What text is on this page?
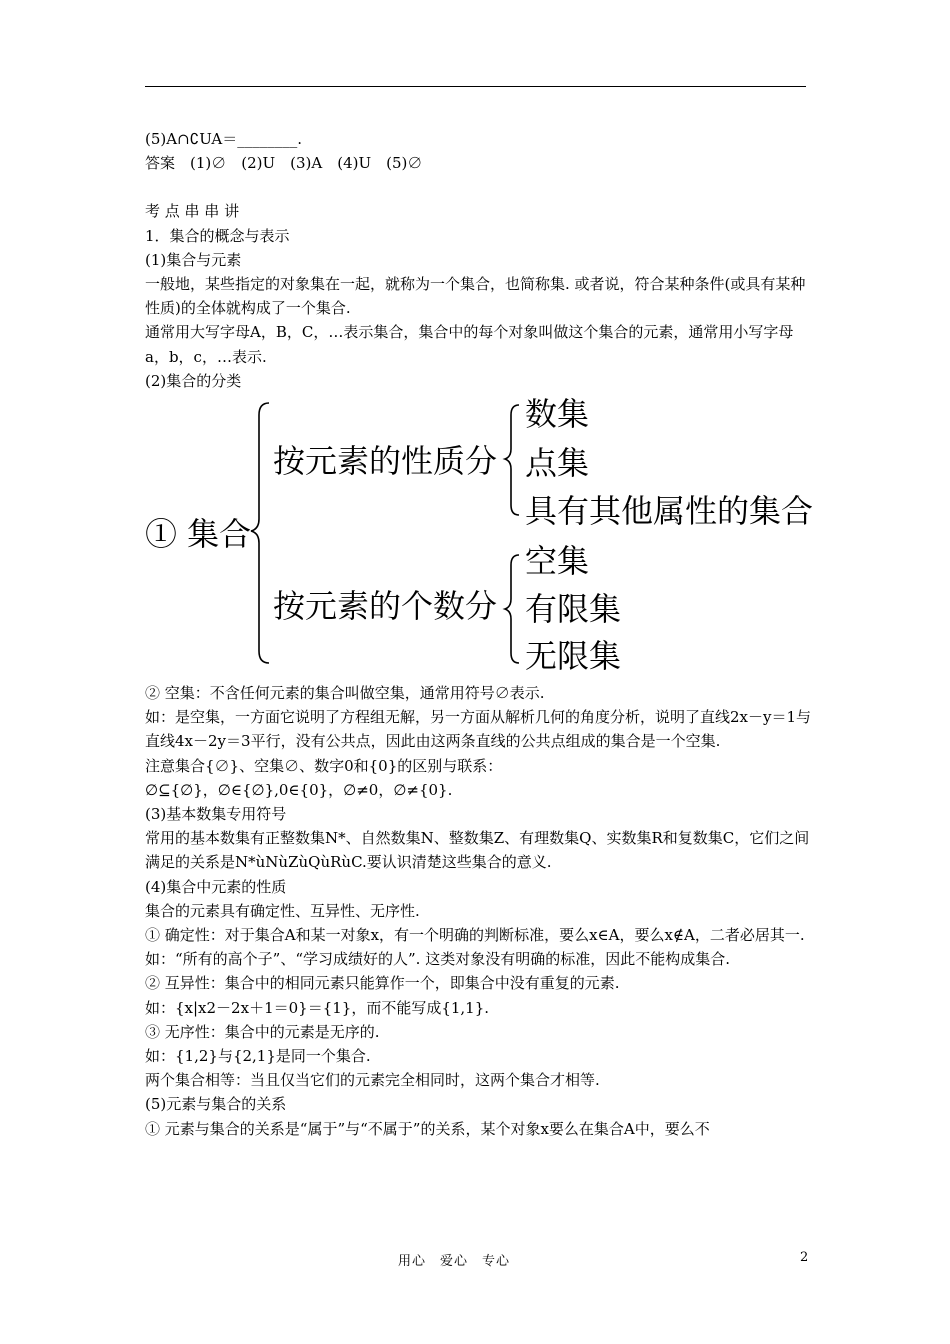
(5)A∩∁UA＝________.

答案　(1)∅　(2)U　(3)A　(4)U　(5)∅

考 点 串 串 讲

1．集合的概念与表示

(1)集合与元素

一般地，某些指定的对象集在一起，就称为一个集合，也简称集. 或者说，符合某种条件(或具有某种性质)的全体就构成了一个集合.

通常用大写字母A，B，C，…表示集合，集合中的每个对象叫做这个集合的元素，通常用小写字母a，b，c，…表示.

(2)集合的分类

① 集合
按元素的性质分
数集
点集
具有其他属性的集合
按元素的个数分
空集
有限集
无限集

② 空集：不含任何元素的集合叫做空集，通常用符号∅表示.

如：是空集，一方面它说明了方程组无解，另一方面从解析几何的角度分析，说明了直线2x－y＝1与直线4x－2y＝3平行，没有公共点，因此由这两条直线的公共点组成的集合是一个空集.

注意集合{∅}、空集∅、数字0和{0}的区别与联系：

∅⊆{∅}，∅∈{∅},0∈{0}，∅≠0，∅≠{0}.

(3)基本数集专用符号

常用的基本数集有正整数集N*、自然数集N、整数集Z、有理数集Q、实数集R和复数集C，它们之间满足的关系是N*ùNùZùQùRùC.要认识清楚这些集合的意义.

(4)集合中元素的性质

集合的元素具有确定性、互异性、无序性.

① 确定性：对于集合A和某一对象x，有一个明确的判断标准，要么x∈A，要么x∉A，二者必居其一.

如：“所有的高个子”、“学习成绩好的人”. 这类对象没有明确的标准，因此不能构成集合.

② 互异性：集合中的相同元素只能算作一个，即集合中没有重复的元素.

如：{x|x2－2x＋1＝0}＝{1}，而不能写成{1,1}.

③ 无序性：集合中的元素是无序的.

如：{1,2}与{2,1}是同一个集合.

两个集合相等：当且仅当它们的元素完全相同时，这两个集合才相等.

(5)元素与集合的关系

① 元素与集合的关系是“属于”与“不属于”的关系，某个对象x要么在集合A中，要么不

用心　爱心　专心	2
